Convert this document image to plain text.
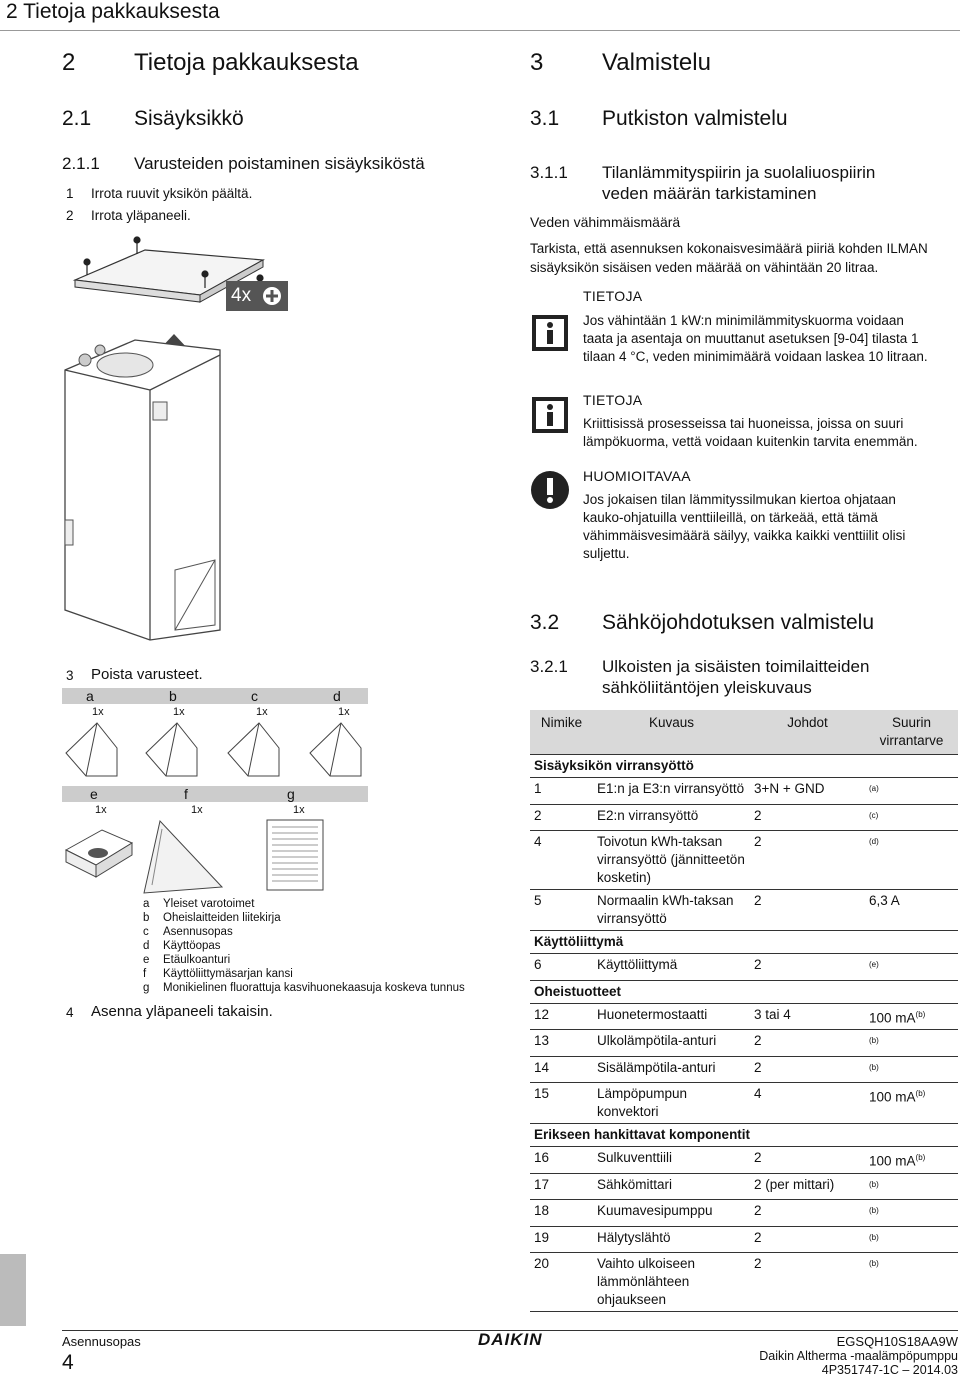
2 Tietoja pakkauksesta
2 Tietoja pakkauksesta
2.1 Sisäyksikkö
2.1.1 Varusteiden poistaminen sisäyksiköstä
1 Irrota ruuvit yksikön päältä.
2 Irrota yläpaneeli.
4x
3 Poista varusteet.
a	b	c	d
1x	1x	1x	1x
e	f	g
1x	1x	1x
a Yleiset varotoimet
b Oheislaitteiden liitekirja
c Asennusopas
d Käyttöopas
e Etäulkoanturi
f Käyttöliittymäsarjan kansi
g Monikielinen fluorattuja kasvihuonekaasuja koskeva tunnus
4 Asenna yläpaneeli takaisin.
3 Valmistelu
3.1 Putkiston valmistelu
3.1.1 Tilanlämmityspiirin ja suolaliuospiirin
veden määrän tarkistaminen
Veden vähimmäismäärä
Tarkista, että asennuksen kokonaisvesimäärä piiriä kohden ILMAN
sisäyksikön sisäisen veden määrää on vähintään 20 litraa.
TIETOJA
Jos vähintään 1 kW:n minimilämmityskuorma voidaan
taata ja asentaja on muuttanut asetuksen [9-04] tilasta 1
tilaan 4 °C, veden minimimäärä voidaan laskea 10 litraan.
TIETOJA
Kriittisissä prosesseissa tai huoneissa, joissa on suuri
lämpökuorma, vettä voidaan kuitenkin tarvita enemmän.
HUOMIOITAVAA
Jos jokaisen tilan lämmityssilmukan kiertoa ohjataan
kauko-ohjatuilla venttiileillä, on tärkeää, että tämä
vähimmäisvesimäärä säilyy, vaikka kaikki venttiilit olisi
suljettu.
3.2 Sähköjohdotuksen valmistelu
3.2.1 Ulkoisten ja sisäisten toimilaitteiden
sähköliitäntöjen yleiskuvaus
Nimike	Kuvaus	Johdot	Suurin virrantarve
Sisäyksikön virransyöttö			
1	E1:n ja E3:n virransyöttö	3+N + GND	$^{(a)}$
2	E2:n virransyöttö	2	$^{(c)}$
4	Toivotun kWh-taksan virransyöttö (jännitteetön kosketin)	2	$^{(d)}$
5	Normaalin kWh-taksan virransyöttö	2	6,3 A
Käyttöliittymä			
6	Käyttöliittymä	2	$^{(e)}$
Oheistuotteet			
12	Huonetermostaatti	3 tai 4	100 $mA^{(b)}$
13	Ulkolämpötila-anturi	2	$^{(b)}$
14	Sisälämpötila-anturi	2	$^{(b)}$
15	Lämpöpumpun konvektori	4	100 $mA^{(b)}$
Erikseen hankittavat komponentit			
16	Sulkuventtiili	2	100 $mA^{(b)}$
17	Sähkömittari	2 (per mittari)	$^{(b)}$
18	Kuumavesipumppu	2	$^{(b)}$
19	Hälytyslähtö	2	$^{(b)}$
20	Vaihto ulkoiseen lämmönlähteen ohjaukseen	2	$^{(b)}$
Asennusopas
4
DAIKIN	EGSQH10S18AA9W
Daikin Altherma -maalämpöpumppu
4P351747-1C – 2014.03
